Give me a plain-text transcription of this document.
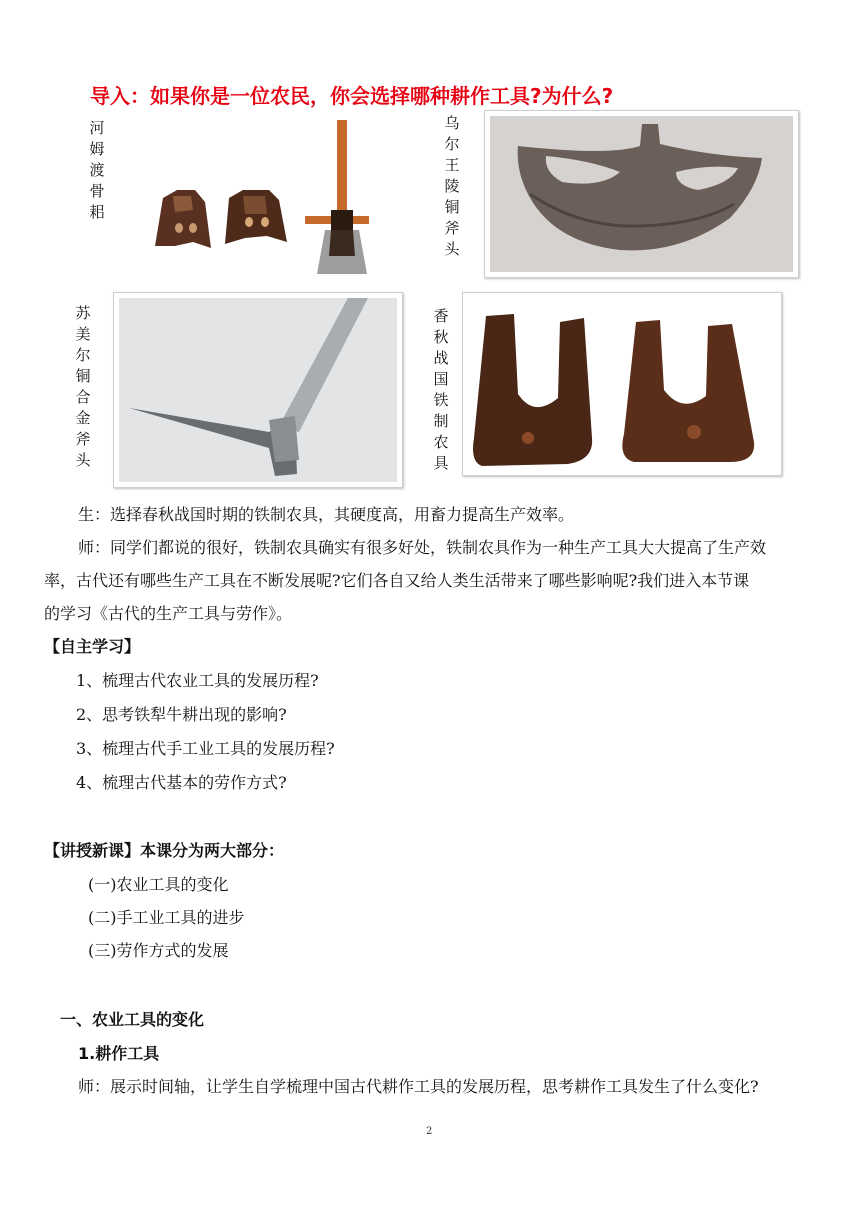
导入：如果你是一位农民，你会选择哪种耕作工具?为什么?
河姆渡骨耜
乌尔王陵铜斧头
苏美尔铜合金斧头
香秋战国铁制农具
生：选择春秋战国时期的铁制农具，其硬度高，用畜力提高生产效率。
师：同学们都说的很好，铁制农具确实有很多好处，铁制农具作为一种生产工具大大提高了生产效
率，古代还有哪些生产工具在不断发展呢?它们各自又给人类生活带来了哪些影响呢?我们进入本节课
的学习《古代的生产工具与劳作》。
【自主学习】
1、梳理古代农业工具的发展历程?
2、思考铁犁牛耕出现的影响?
3、梳理古代手工业工具的发展历程?
4、梳理古代基本的劳作方式?
【讲授新课】本课分为两大部分：
(一)农业工具的变化
(二)手工业工具的进步
(三)劳作方式的发展
一、农业工具的变化
1.耕作工具
师：展示时间轴，让学生自学梳理中国古代耕作工具的发展历程，思考耕作工具发生了什么变化?
2
